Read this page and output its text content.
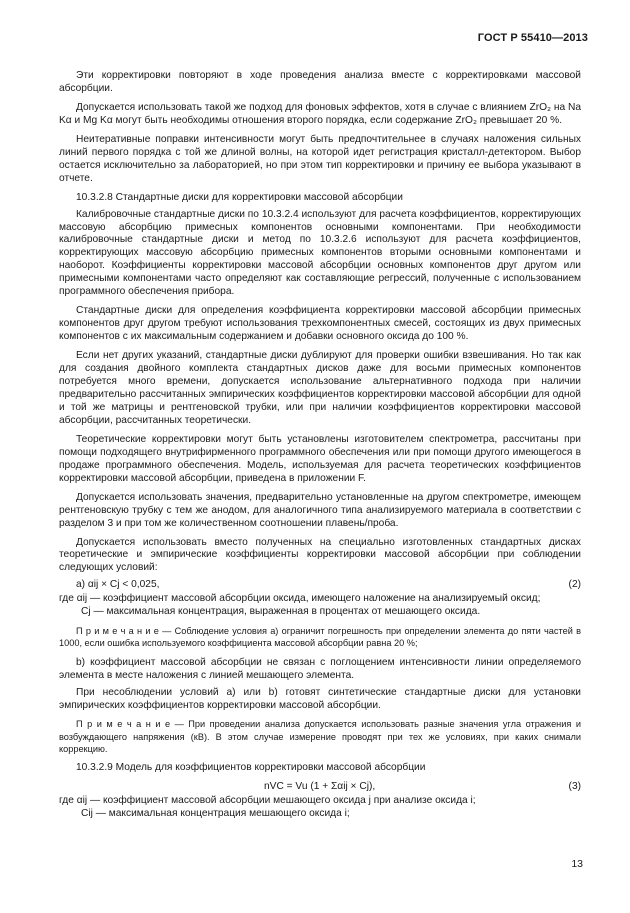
ГОСТ Р 55410—2013

Эти корректировки повторяют в ходе проведения анализа вместе с корректировками массовой абсорбции.

Допускается использовать такой же подход для фоновых эффектов, хотя в случае с влиянием ZrO₂ на Na Kα и Mg Kα могут быть необходимы отношения второго порядка, если содержание ZrO₂ превышает 20 %.

Неитеративные поправки интенсивности могут быть предпочтительнее в случаях наложения сильных линий первого порядка с той же длиной волны, на которой идет регистрация кристалл-детектором. Выбор остается исключительно за лабораторией, но при этом тип корректировки и причину ее выбора указывают в отчете.

10.3.2.8 Стандартные диски для корректировки массовой абсорбции

Калибровочные стандартные диски по 10.3.2.4 используют для расчета коэффициентов, корректирующих массовую абсорбцию примесных компонентов основными компонентами. При необходимости калибровочные стандартные диски и метод по 10.3.2.6 используют для расчета коэффициентов, корректирующих массовую абсорбцию примесных компонентов вторыми основными компонентами и наоборот. Коэффициенты корректировки массовой абсорбции основных компонентов друг другом или примесными компонентами часто определяют как составляющие регрессий, полученные с использованием программного обеспечения прибора.

Стандартные диски для определения коэффициента корректировки массовой абсорбции примесных компонентов друг другом требуют использования трехкомпонентных смесей, состоящих из двух примесных компонентов с их максимальным содержанием и добавки основного оксида до 100 %.

Если нет других указаний, стандартные диски дублируют для проверки ошибки взвешивания. Но так как для создания двойного комплекта стандартных дисков даже для восьми примесных компонентов потребуется много времени, допускается использование альтернативного подхода при наличии предварительно рассчитанных эмпирических коэффициентов корректировки массовой абсорбции для одной и той же матрицы и рентгеновской трубки, или при наличии коэффициентов корректировки массовой абсорбции, рассчитанных теоретически.

Теоретические корректировки могут быть установлены изготовителем спектрометра, рассчитаны при помощи подходящего внутрифирменного программного обеспечения или при помощи другого имеющегося в продаже программного обеспечения. Модель, используемая для расчета теоретических коэффициентов корректировки массовой абсорбции, приведена в приложении F.

Допускается использовать значения, предварительно установленные на другом спектрометре, имеющем рентгеновскую трубку с тем же анодом, для аналогичного типа анализируемого материала в соответствии с разделом 3 и при том же количественном соотношении плавень/проба.

Допускается использовать вместо полученных на специально изготовленных стандартных дисках теоретические и эмпирические коэффициенты корректировки массовой абсорбции при соблюдении следующих условий:

а) αij × Cj < 0,025,	(2)

где αij — коэффициент массовой абсорбции оксида, имеющего наложение на анализируемый оксид;

Cj — максимальная концентрация, выраженная в процентах от мешающего оксида.

П р и м е ч а н и е — Соблюдение условия а) ограничит погрешность при определении элемента до пяти частей в 1000, если ошибка используемого коэффициента массовой абсорбции равна 20 %;

b) коэффициент массовой абсорбции не связан с поглощением интенсивности линии определяемого элемента в месте наложения с линией мешающего элемента.

При несоблюдении условий а) или b) готовят синтетические стандартные диски для установки эмпирических коэффициентов корректировки массовой абсорбции.

П р и м е ч а н и е — При проведении анализа допускается использовать разные значения угла отражения и возбуждающего напряжения (кВ). В этом случае измерение проводят при тех же условиях, при каких снимали коррекцию.

10.3.2.9 Модель для коэффициентов корректировки массовой абсорбции

nVC = Vu (1 + Σαij × Cj),	(3)

где αij — коэффициент массовой абсорбции мешающего оксида j при анализе оксида i;

Cij — максимальная концентрация мешающего оксида i;

13
